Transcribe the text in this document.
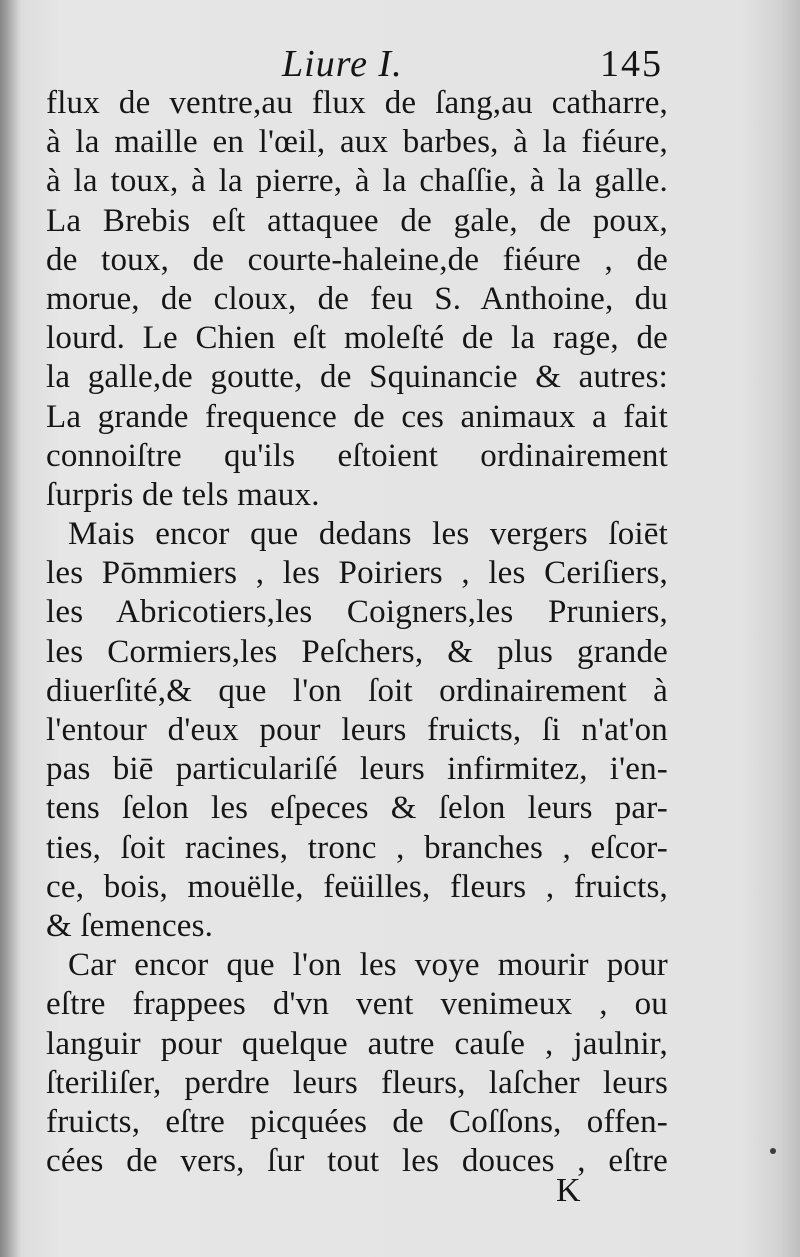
Liure I.	145
flux de ventre,au flux de ſang,au catharre,
à la maille en l'œil, aux barbes, à la fiéure,
à la toux, à la pierre, à la chaſſie, à la galle.
La Brebis eſt attaquee de gale, de poux,
de toux, de courte-haleine,de fiéure , de
morue, de cloux, de feu S. Anthoine, du
lourd. Le Chien eſt moleſté de la rage, de
la galle,de goutte, de Squinancie & autres:
La grande frequence de ces animaux a fait
connoiſtre qu'ils eſtoient ordinairement
ſurpris de tels maux.
Mais encor que dedans les vergers ſoiēt
les Pōmmiers , les Poiriers , les Ceriſiers,
les Abricotiers,les Coigners,les Pruniers,
les Cormiers,les Peſchers, & plus grande
diuerſité,& que l'on ſoit ordinairement à
l'entour d'eux pour leurs fruicts, ſi n'at'on
pas biē particulariſé leurs infirmitez, i'en-
tens ſelon les eſpeces & ſelon leurs par-
ties, ſoit racines, tronc , branches , eſcor-
ce, bois, mouëlle, feüilles, fleurs , fruicts,
& ſemences.
Car encor que l'on les voye mourir pour
eſtre frappees d'vn vent venimeux , ou
languir pour quelque autre cauſe , jaulnir,
ſteriliſer, perdre leurs fleurs, laſcher leurs
fruicts, eſtre picquées de Coſſons, offen-
cées de vers, ſur tout les douces , eſtre
K
